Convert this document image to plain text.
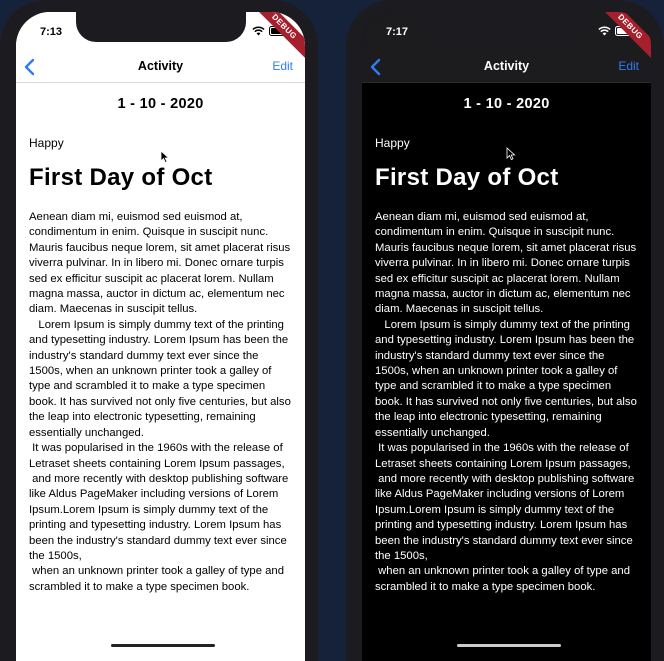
DEBUG
7:13
Activity	Edit
1 - 10 - 2020
Happy
First Day of Oct
Aenean diam mi, euismod sed euismod at, condimentum in enim. Quisque in suscipit nunc. Mauris faucibus neque lorem, sit amet placerat risus viverra pulvinar. In in libero mi. Donec ornare turpis sed ex efficitur suscipit ac placerat lorem. Nullam magna massa, auctor in dictum ac, elementum nec diam. Maecenas in suscipit tellus.
Lorem Ipsum is simply dummy text of the printing and typesetting industry. Lorem Ipsum has been the industry's standard dummy text ever since the 1500s, when an unknown printer took a galley of type and scrambled it to make a type specimen book. It has survived not only five centuries, but also the leap into electronic typesetting, remaining essentially unchanged.
It was popularised in the 1960s with the release of Letraset sheets containing Lorem Ipsum passages,
and more recently with desktop publishing software like Aldus PageMaker including versions of Lorem Ipsum.Lorem Ipsum is simply dummy text of the printing and typesetting industry. Lorem Ipsum has been the industry's standard dummy text ever since the 1500s,
when an unknown printer took a galley of type and scrambled it to make a type specimen book.
DEBUG
7:17
Activity	Edit
1 - 10 - 2020
Happy
First Day of Oct
Aenean diam mi, euismod sed euismod at, condimentum in enim. Quisque in suscipit nunc. Mauris faucibus neque lorem, sit amet placerat risus viverra pulvinar. In in libero mi. Donec ornare turpis sed ex efficitur suscipit ac placerat lorem. Nullam magna massa, auctor in dictum ac, elementum nec diam. Maecenas in suscipit tellus.
Lorem Ipsum is simply dummy text of the printing and typesetting industry. Lorem Ipsum has been the industry's standard dummy text ever since the 1500s, when an unknown printer took a galley of type and scrambled it to make a type specimen book. It has survived not only five centuries, but also the leap into electronic typesetting, remaining essentially unchanged.
It was popularised in the 1960s with the release of Letraset sheets containing Lorem Ipsum passages,
and more recently with desktop publishing software like Aldus PageMaker including versions of Lorem Ipsum.Lorem Ipsum is simply dummy text of the printing and typesetting industry. Lorem Ipsum has been the industry's standard dummy text ever since the 1500s,
when an unknown printer took a galley of type and scrambled it to make a type specimen book.
